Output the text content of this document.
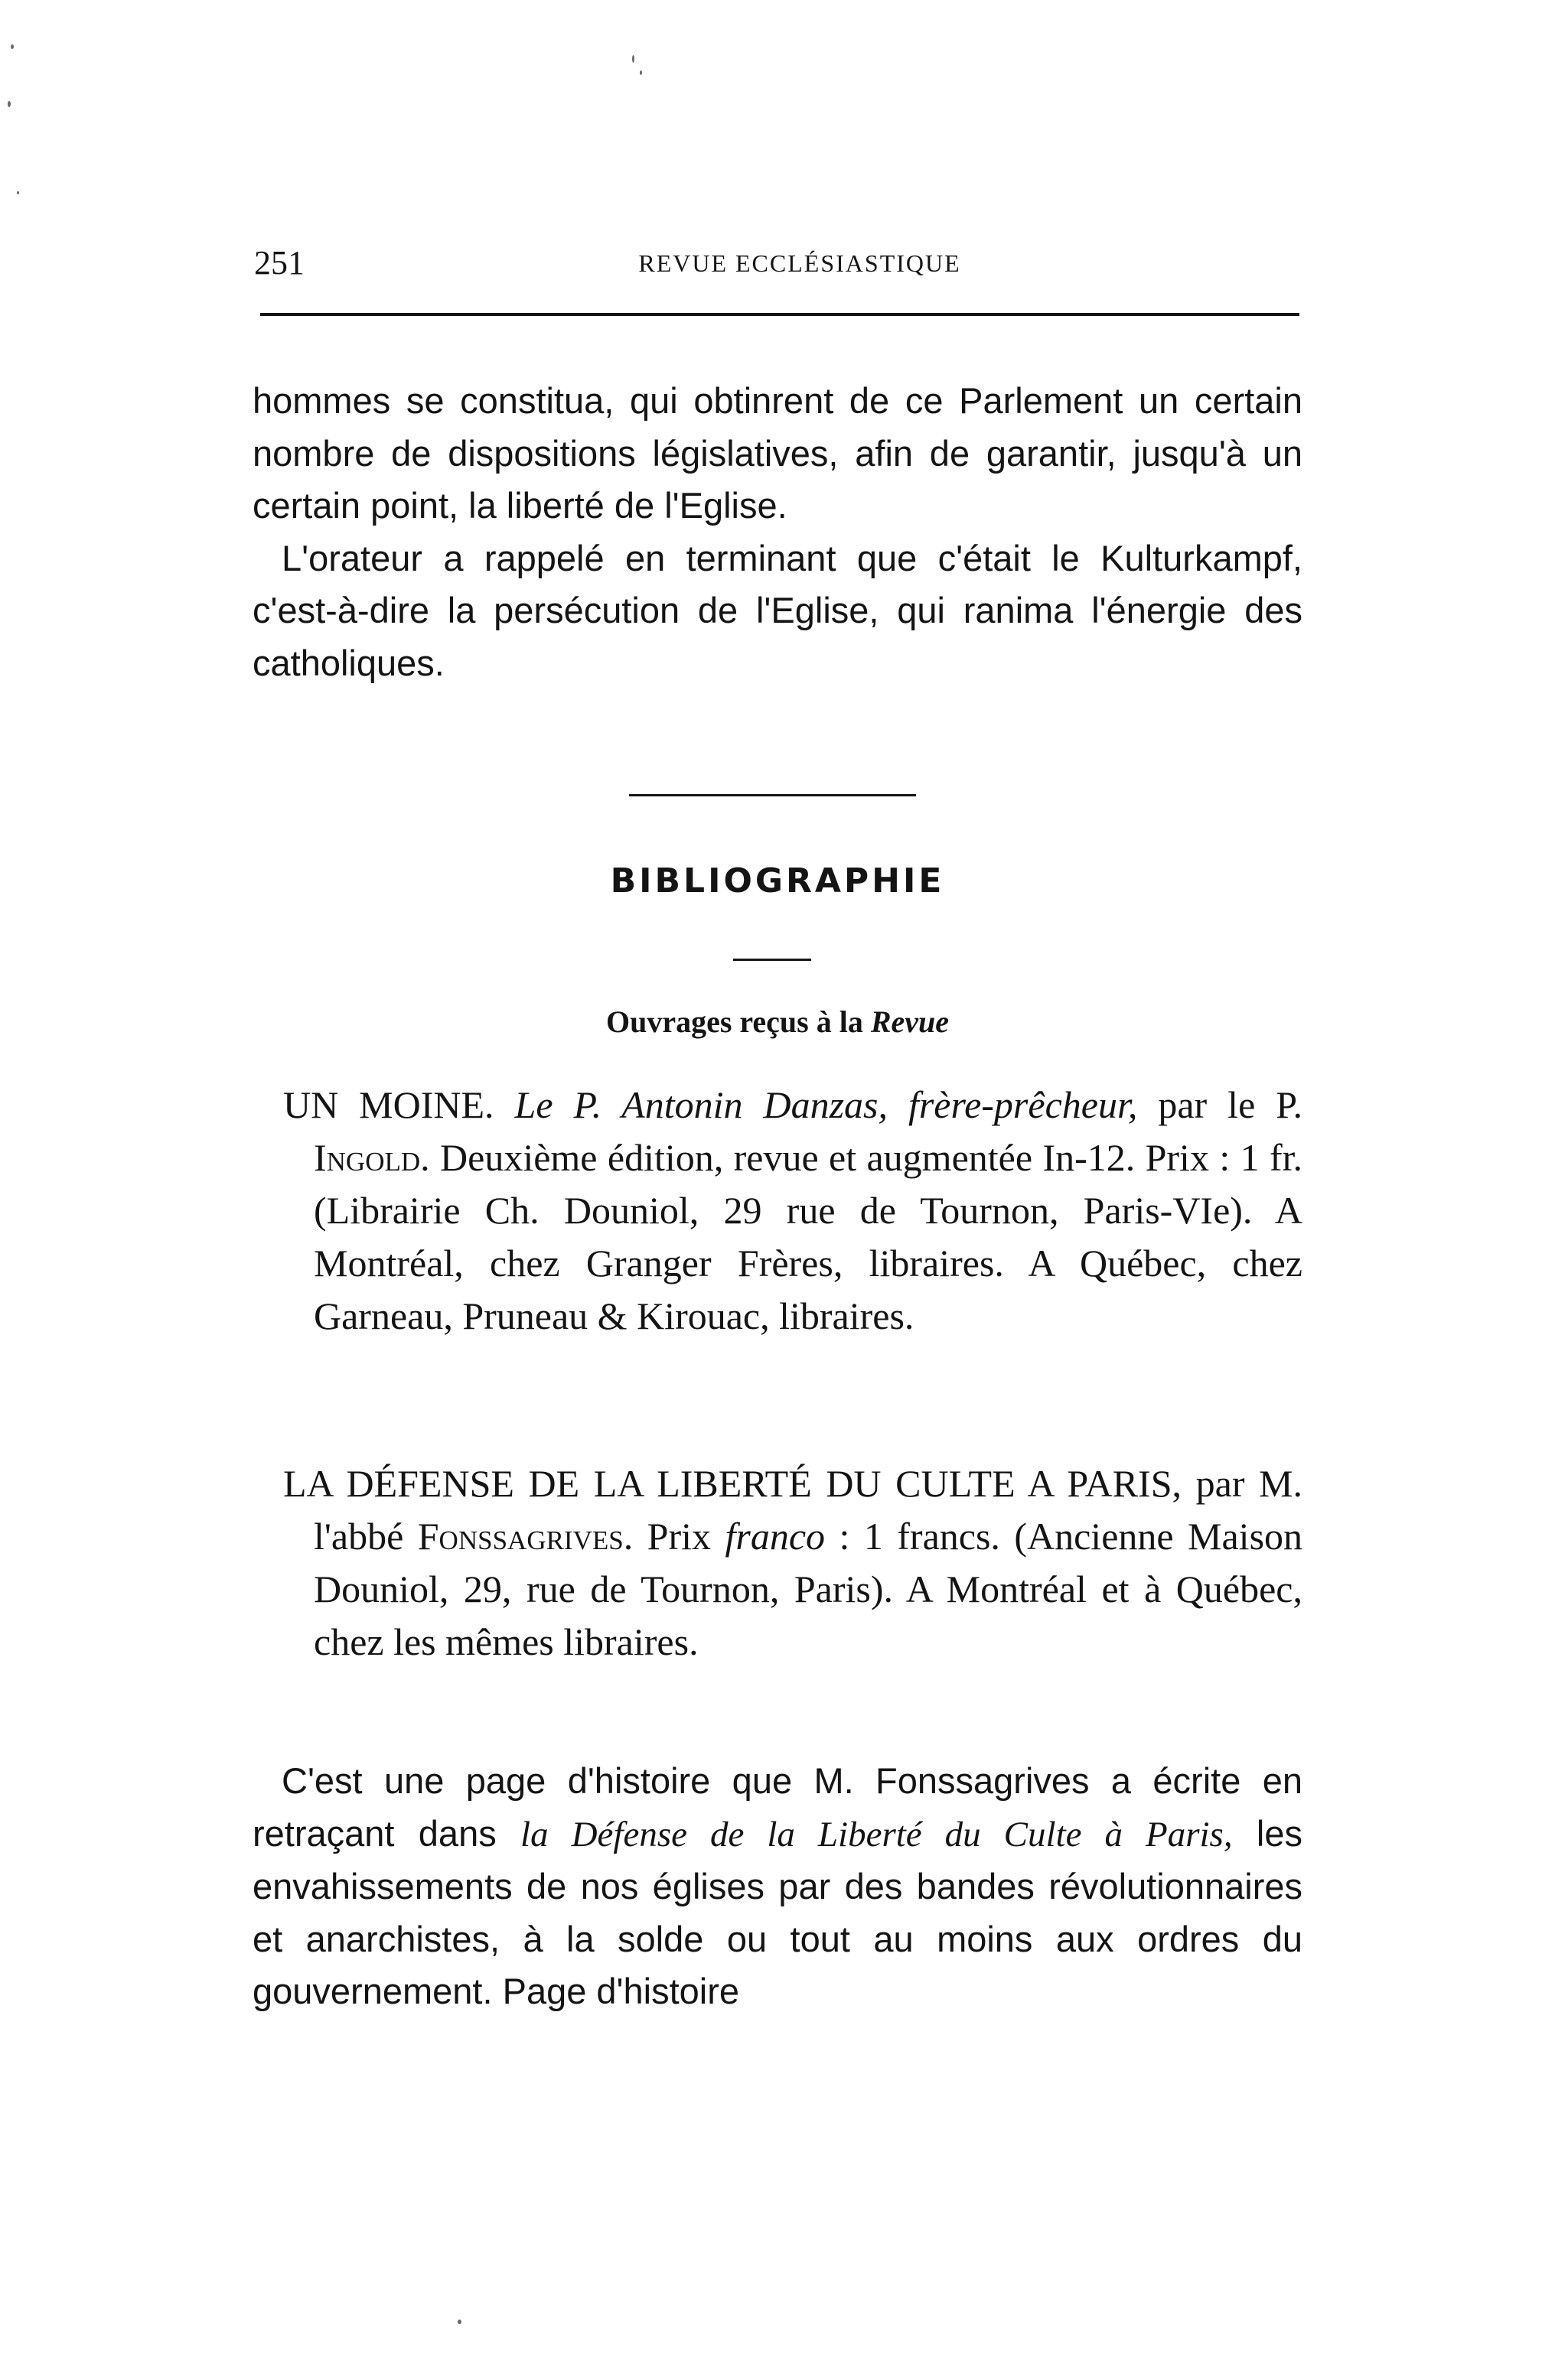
251	REVUE ECCLÉSIASTIQUE

hommes se constitua, qui obtinrent de ce Parlement un certain nombre de dispositions législatives, afin de garantir, jusqu'à un certain point, la liberté de l'Eglise.

L'orateur a rappelé en terminant que c'était le Kulturkampf, c'est-à-dire la persécution de l'Eglise, qui ranima l'énergie des catholiques.

BIBLIOGRAPHIE
Ouvrages reçus à la Revue
UN MOINE. Le P. Antonin Danzas, frère-prêcheur, par le P. Ingold. Deuxième édition, revue et augmentée In-12. Prix : 1 fr. (Librairie Ch. Douniol, 29 rue de Tournon, Paris-VIe). A Montréal, chez Granger Frères, libraires. A Québec, chez Garneau, Pruneau & Kirouac, libraires.
LA DÉFENSE DE LA LIBERTÉ DU CULTE A PARIS, par M. l'abbé Fonssagrives. Prix franco : 1 francs. (Ancienne Maison Douniol, 29, rue de Tournon, Paris). A Montréal et à Québec, chez les mêmes libraires.

C'est une page d'histoire que M. Fonssagrives a écrite en retraçant dans la Défense de la Liberté du Culte à Paris, les envahissements de nos églises par des bandes révolutionnaires et anarchistes, à la solde ou tout au moins aux ordres du gouvernement. Page d'histoire
